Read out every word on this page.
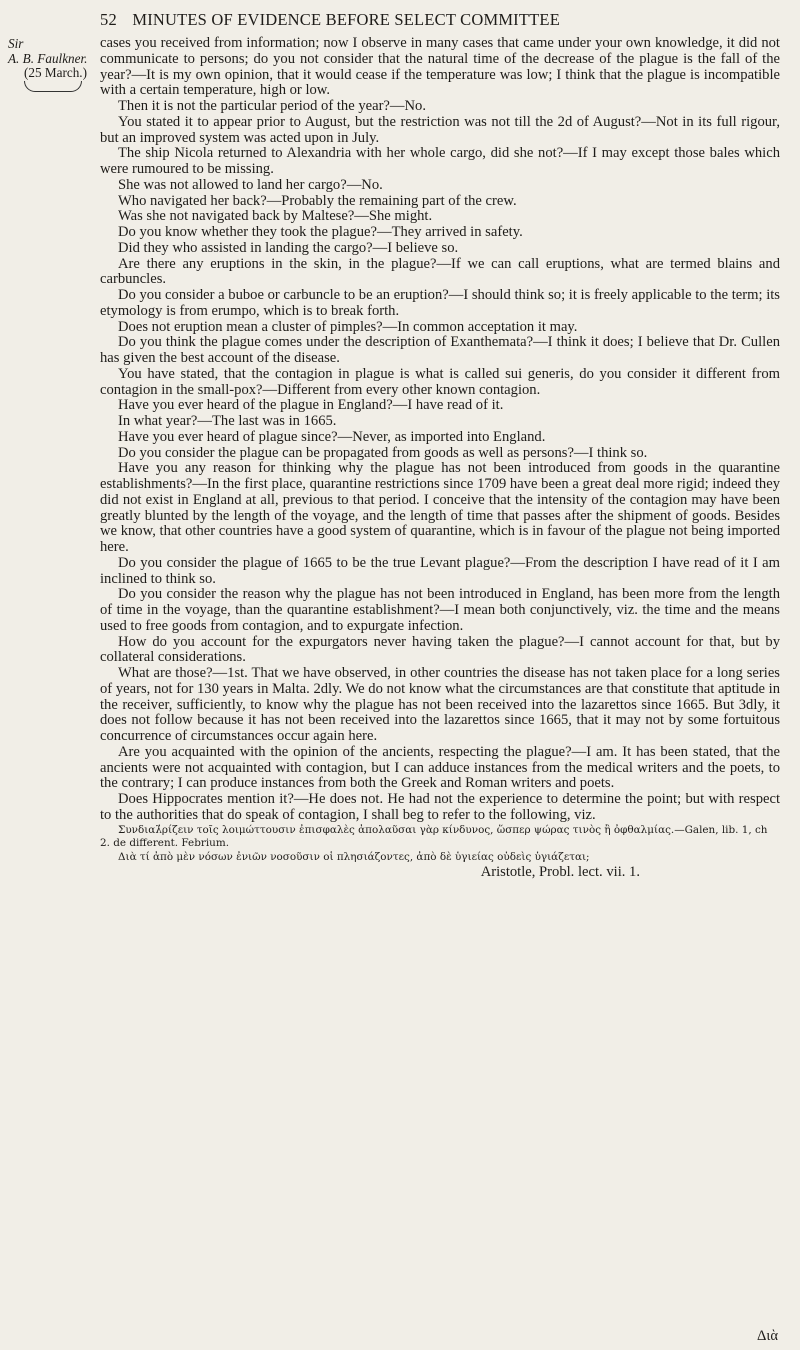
52 MINUTES OF EVIDENCE BEFORE SELECT COMMITTEE
Sir
A. B. Faulkner.
(25 March.)

cases you received from information; now I observe in many cases that came under your own knowledge, it did not communicate to persons; do you not consider that the natural time of the decrease of the plague is the fall of the year?—It is my own opinion, that it would cease if the temperature was low; I think that the plague is incompatible with a certain temperature, high or low.

Then it is not the particular period of the year?—No.

You stated it to appear prior to August, but the restriction was not till the 2d of August?—Not in its full rigour, but an improved system was acted upon in July.

The ship Nicola returned to Alexandria with her whole cargo, did she not?—If I may except those bales which were rumoured to be missing.

She was not allowed to land her cargo?—No.

Who navigated her back?—Probably the remaining part of the crew.

Was she not navigated back by Maltese?—She might.

Do you know whether they took the plague?—They arrived in safety.

Did they who assisted in landing the cargo?—I believe so.

Are there any eruptions in the skin, in the plague?—If we can call eruptions, what are termed blains and carbuncles.

Do you consider a buboe or carbuncle to be an eruption?—I should think so; it is freely applicable to the term; its etymology is from erumpo, which is to break forth.

Does not eruption mean a cluster of pimples?—In common acceptation it may.

Do you think the plague comes under the description of Exanthemata?—I think it does; I believe that Dr. Cullen has given the best account of the disease.

You have stated, that the contagion in plague is what is called sui generis, do you consider it different from contagion in the small-pox?—Different from every other known contagion.

Have you ever heard of the plague in England?—I have read of it.

In what year?—The last was in 1665.

Have you ever heard of plague since?—Never, as imported into England.

Do you consider the plague can be propagated from goods as well as persons?—I think so.

Have you any reason for thinking why the plague has not been introduced from goods in the quarantine establishments?—In the first place, quarantine restrictions since 1709 have been a great deal more rigid; indeed they did not exist in England at all, previous to that period. I conceive that the intensity of the contagion may have been greatly blunted by the length of the voyage, and the length of time that passes after the shipment of goods. Besides we know, that other countries have a good system of quarantine, which is in favour of the plague not being imported here.

Do you consider the plague of 1665 to be the true Levant plague?—From the description I have read of it I am inclined to think so.

Do you consider the reason why the plague has not been introduced in England, has been more from the length of time in the voyage, than the quarantine establishment?—I mean both conjunctively, viz. the time and the means used to free goods from contagion, and to expurgate infection.

How do you account for the expurgators never having taken the plague?—I cannot account for that, but by collateral considerations.

What are those?—1st. That we have observed, in other countries the disease has not taken place for a long series of years, not for 130 years in Malta. 2dly. We do not know what the circumstances are that constitute that aptitude in the receiver, sufficiently, to know why the plague has not been received into the lazarettos since 1665. But 3dly, it does not follow because it has not been received into the lazarettos since 1665, that it may not by some fortuitous concurrence of circumstances occur again here.

Are you acquainted with the opinion of the ancients, respecting the plague?—I am. It has been stated, that the ancients were not acquainted with contagion, but I can adduce instances from the medical writers and the poets, to the contrary; I can produce instances from both the Greek and Roman writers and poets.

Does Hippocrates mention it?—He does not. He had not the experience to determine the point; but with respect to the authorities that do speak of contagion, I shall beg to refer to the following, viz.

Συνδιαλ̓ρίζειν τοῖς λοιμώττουσιν ἐπισφαλὲς ἀπολαῦσαι γὰρ κίνδυνος, ὥσπερ ψώρας τινὸς ἢ ὀφθαλμίας.—Galen, lib. 1, ch 2. de different. Febrium.

Διὰ τί ἀπὸ μὲν νόσων ἐνιῶν νοσοῦσιν οἱ πλησιάζοντες, ἀπὸ δὲ ὑγιείας οὐδεὶς ὑγιάζεται;

Aristotle, Probl. lect. vii. 1.

Διὰ
